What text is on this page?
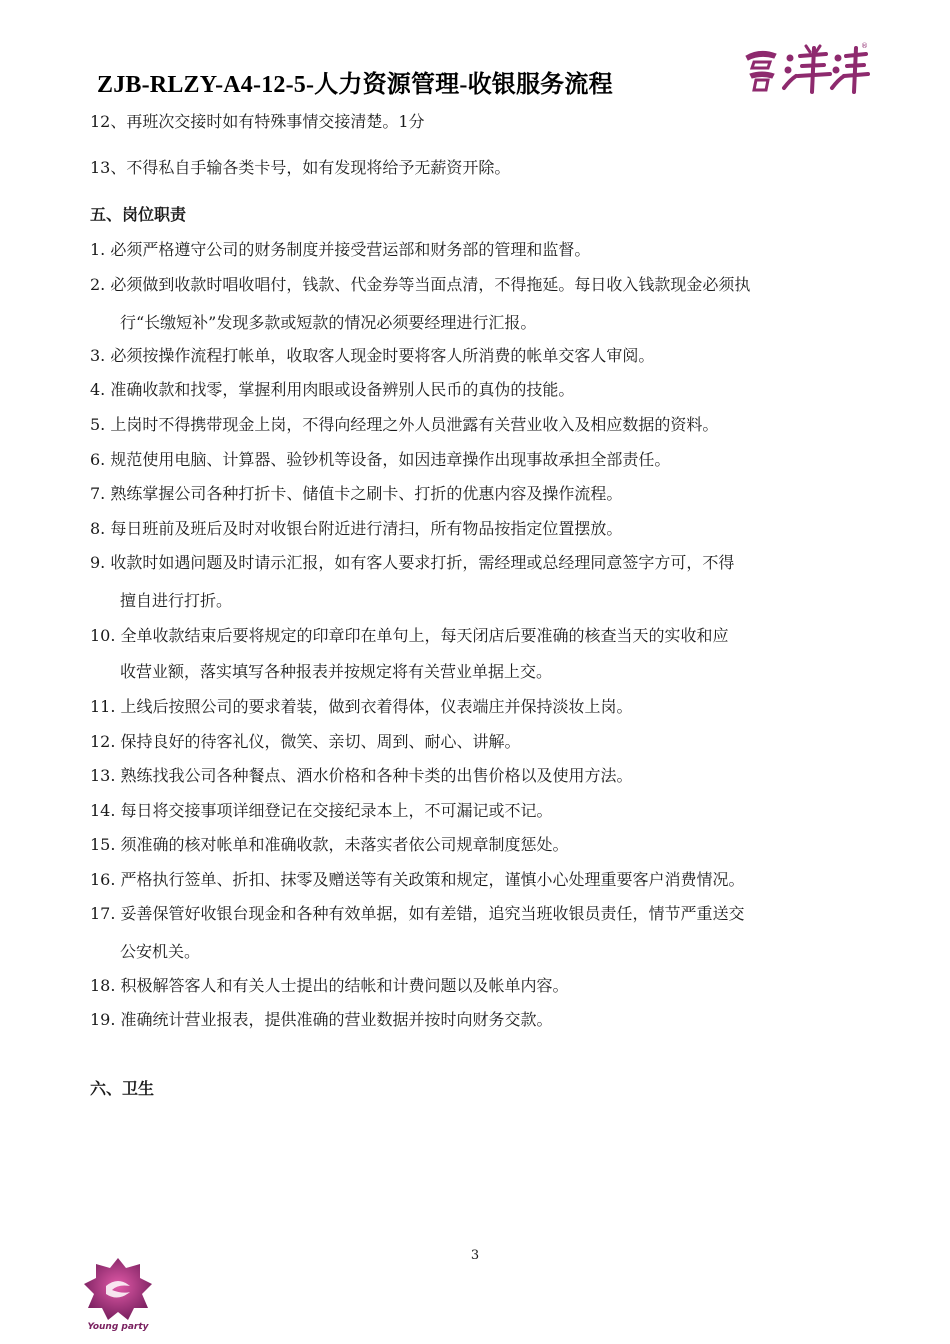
ZJB-RLZY-A4-12-5-人力资源管理-收银服务流程
®
12、再班次交接时如有特殊事情交接清楚。1分
13、不得私自手输各类卡号，如有发现将给予无薪资开除。
五、岗位职责
1. 必须严格遵守公司的财务制度并接受营运部和财务部的管理和监督。
2. 必须做到收款时唱收唱付，钱款、代金券等当面点清，不得拖延。每日收入钱款现金必须执
行“长缴短补”发现多款或短款的情况必须要经理进行汇报。
3. 必须按操作流程打帐单，收取客人现金时要将客人所消费的帐单交客人审阅。
4. 准确收款和找零，掌握利用肉眼或设备辨别人民币的真伪的技能。
5. 上岗时不得携带现金上岗，不得向经理之外人员泄露有关营业收入及相应数据的资料。
6. 规范使用电脑、计算器、验钞机等设备，如因违章操作出现事故承担全部责任。
7. 熟练掌握公司各种打折卡、储值卡之刷卡、打折的优惠内容及操作流程。
8. 每日班前及班后及时对收银台附近进行清扫，所有物品按指定位置摆放。
9. 收款时如遇问题及时请示汇报，如有客人要求打折，需经理或总经理同意签字方可，不得
擅自进行打折。
10. 全单收款结束后要将规定的印章印在单句上，每天闭店后要准确的核查当天的实收和应
收营业额，落实填写各种报表并按规定将有关营业单据上交。
11. 上线后按照公司的要求着装，做到衣着得体，仪表端庄并保持淡妆上岗。
12. 保持良好的待客礼仪，微笑、亲切、周到、耐心、讲解。
13. 熟练找我公司各种餐点、酒水价格和各种卡类的出售价格以及使用方法。
14. 每日将交接事项详细登记在交接纪录本上，不可漏记或不记。
15. 须准确的核对帐单和准确收款，未落实者依公司规章制度惩处。
16. 严格执行签单、折扣、抹零及赠送等有关政策和规定，谨慎小心处理重要客户消费情况。
17. 妥善保管好收银台现金和各种有效单据，如有差错，追究当班收银员责任，情节严重送交
公安机关。
18. 积极解答客人和有关人士提出的结帐和计费问题以及帐单内容。
19. 准确统计营业报表，提供准确的营业数据并按时向财务交款。
六、卫生
3
Young party
